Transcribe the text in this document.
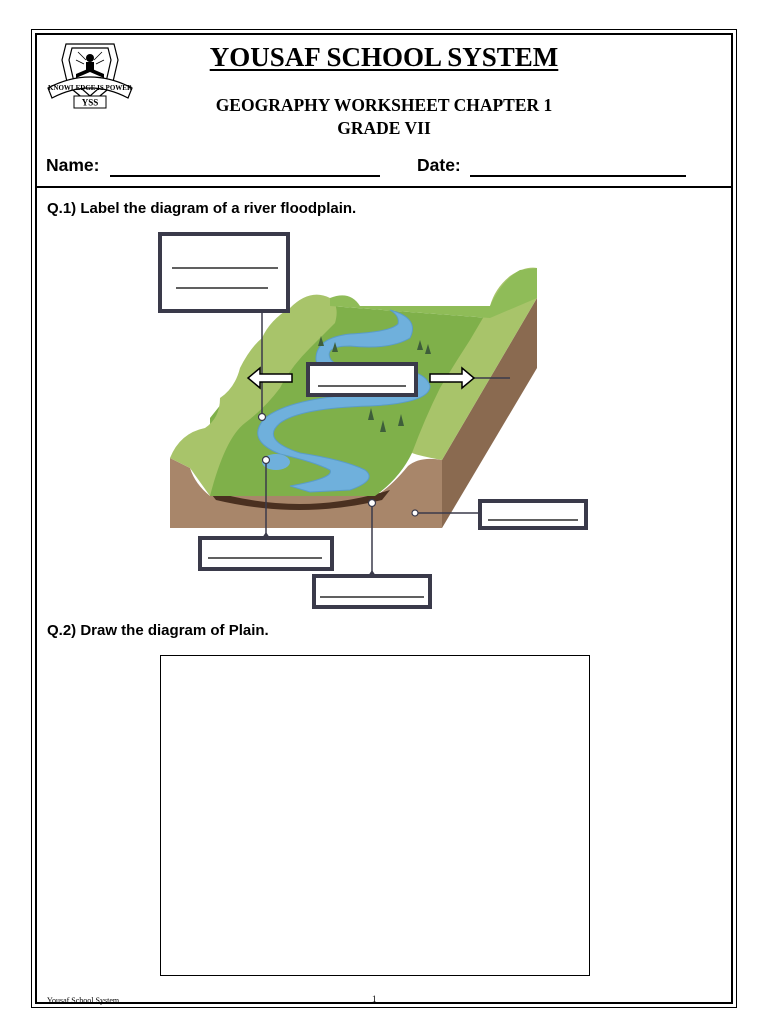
KNOWLEDGE IS POWER
YSS
YOUSAF SCHOOL SYSTEM
GEOGRAPHY WORKSHEET CHAPTER 1
GRADE VII
Name:	Date:
Q.1) Label the diagram of a river floodplain.
Q.2) Draw the diagram of Plain.
Yousaf School System	1
